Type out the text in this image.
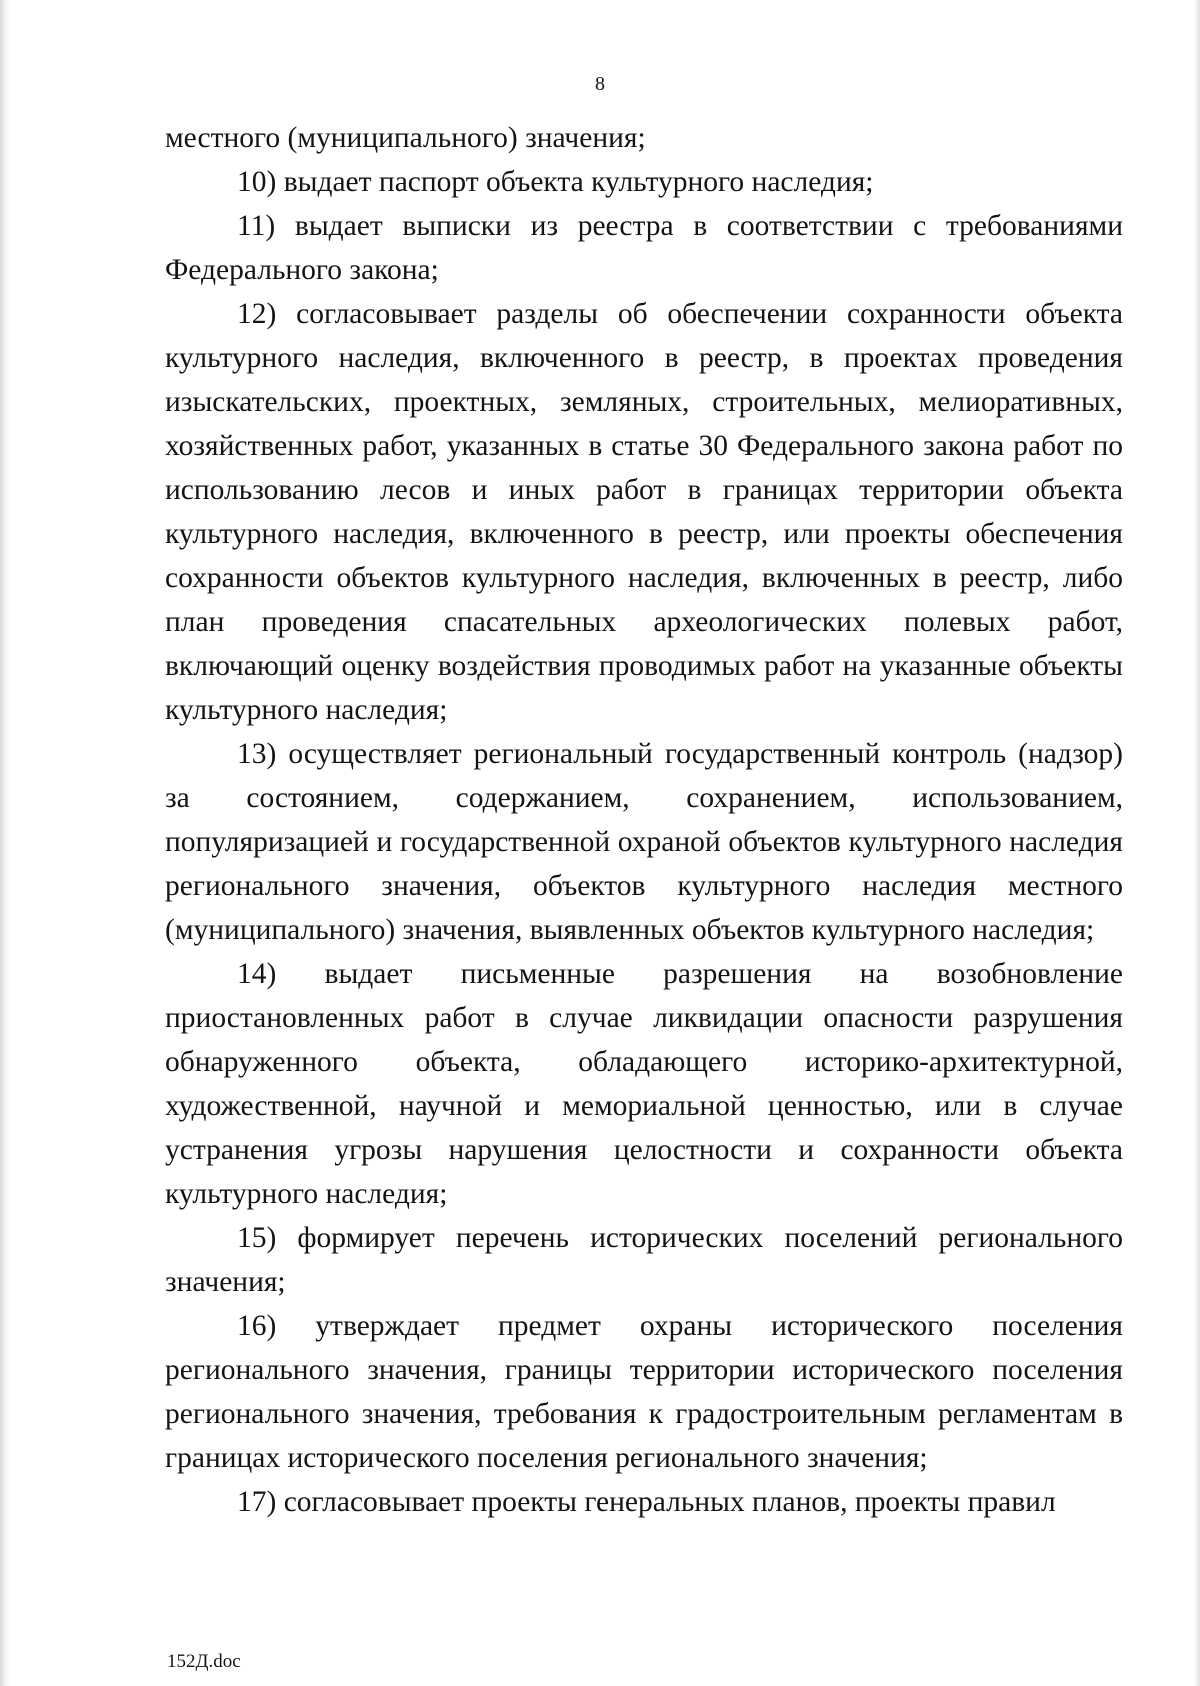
8

местного (муниципального) значения;

10) выдает паспорт объекта культурного наследия;

11) выдает выписки из реестра в соответствии с требованиями Федерального закона;

12) согласовывает разделы об обеспечении сохранности объекта культурного наследия, включенного в реестр, в проектах проведения изыскательских, проектных, земляных, строительных, мелиоративных, хозяйственных работ, указанных в статье 30 Федерального закона работ по использованию лесов и иных работ в границах территории объекта культурного наследия, включенного в реестр, или проекты обеспечения сохранности объектов культурного наследия, включенных в реестр, либо план проведения спасательных археологических полевых работ, включающий оценку воздействия проводимых работ на указанные объекты культурного наследия;

13) осуществляет региональный государственный контроль (надзор) за состоянием, содержанием, сохранением, использованием, популяризацией и государственной охраной объектов культурного наследия регионального значения, объектов культурного наследия местного (муниципального) значения, выявленных объектов культурного наследия;

14) выдает письменные разрешения на возобновление приостановленных работ в случае ликвидации опасности разрушения обнаруженного объекта, обладающего историко-архитектурной, художественной, научной и мемориальной ценностью, или в случае устранения угрозы нарушения целостности и сохранности объекта культурного наследия;

15) формирует перечень исторических поселений регионального значения;

16) утверждает предмет охраны исторического поселения регионального значения, границы территории исторического поселения регионального значения, требования к градостроительным регламентам в границах исторического поселения регионального значения;

17) согласовывает проекты генеральных планов, проекты правил

152Д.doc
